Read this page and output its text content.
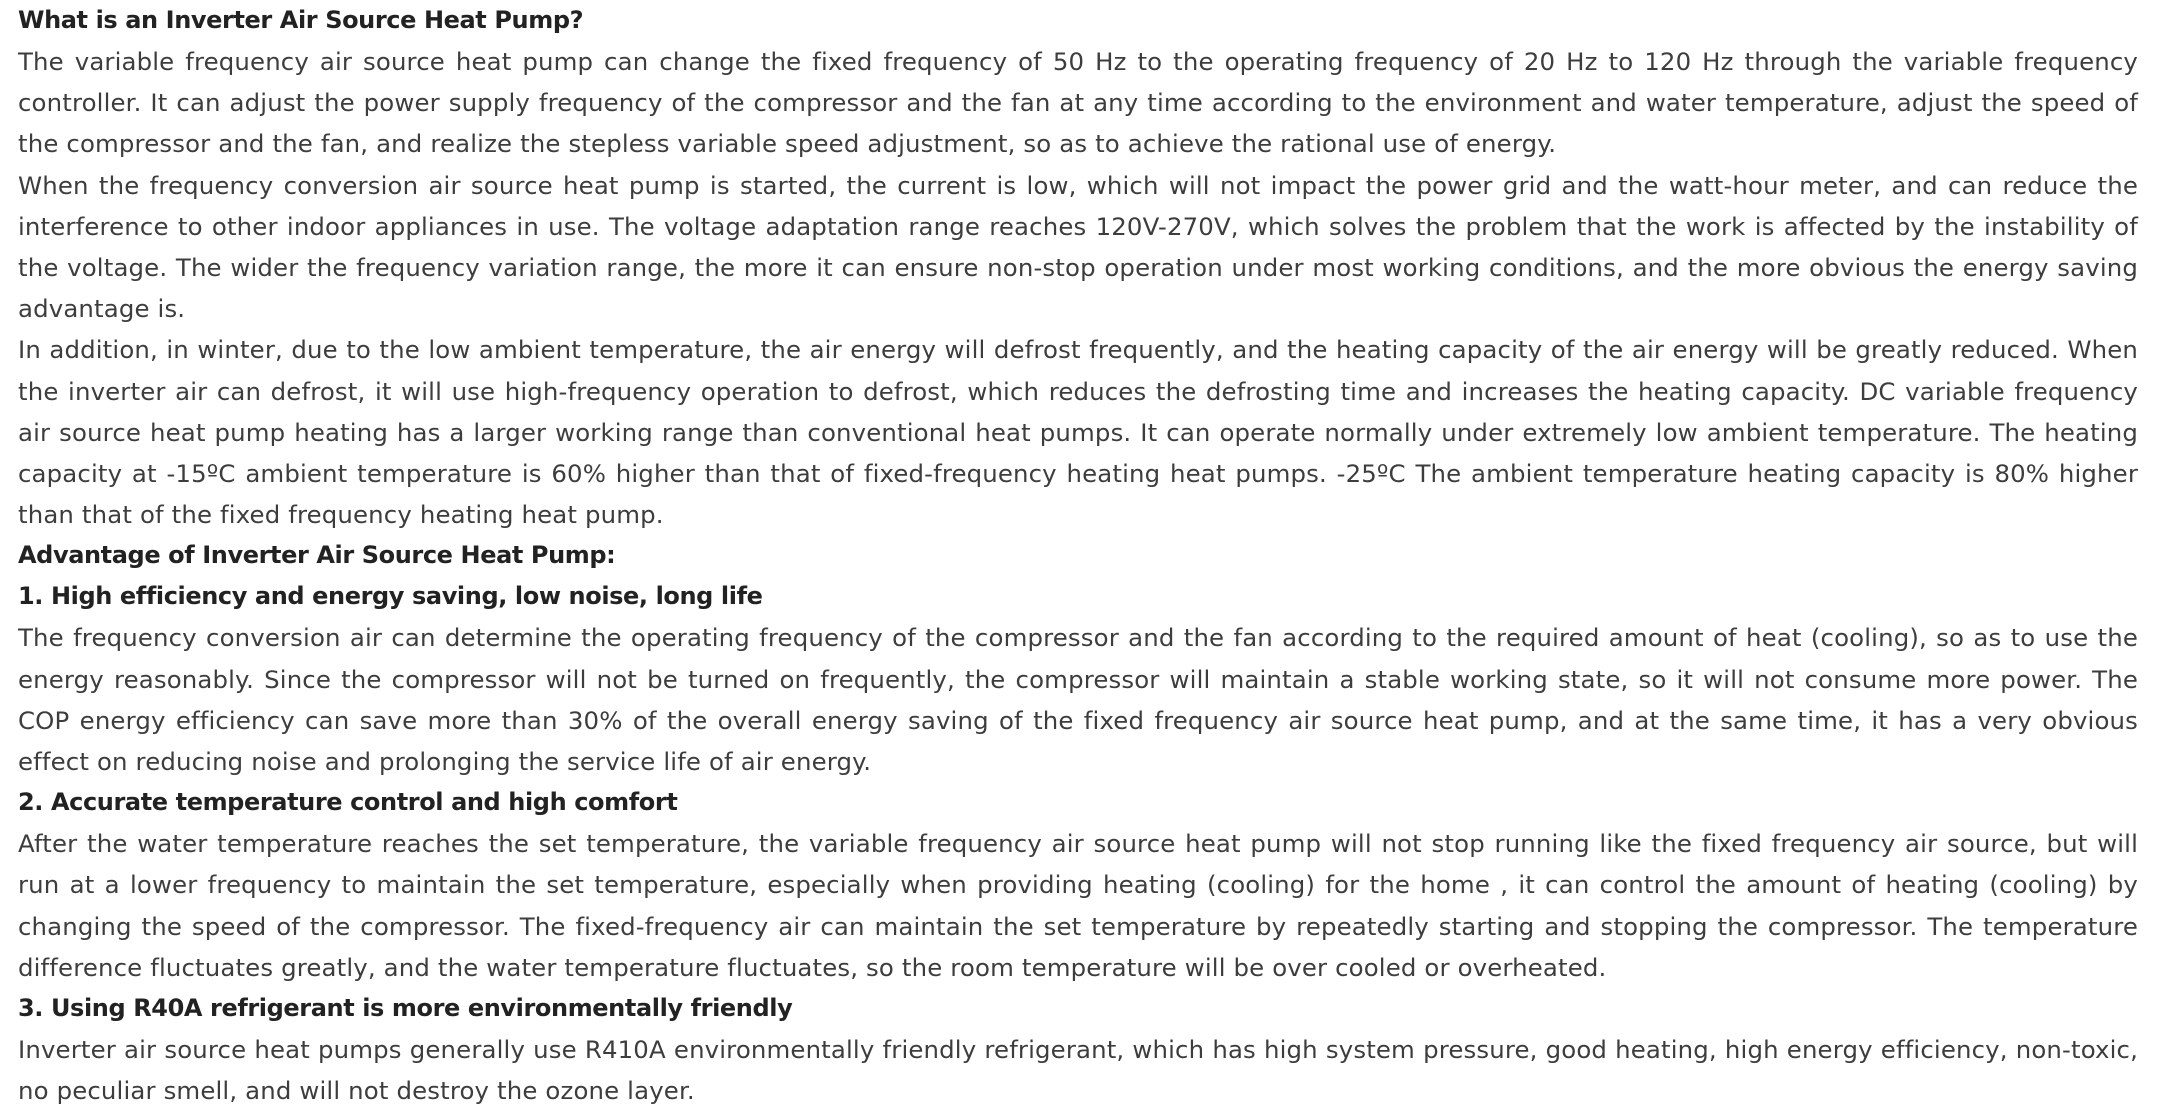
What is an Inverter Air Source Heat Pump?

The variable frequency air source heat pump can change the fixed frequency of 50 Hz to the operating frequency of 20 Hz to 120 Hz through the variable frequency controller. It can adjust the power supply frequency of the compressor and the fan at any time according to the environment and water temperature, adjust the speed of the compressor and the fan, and realize the stepless variable speed adjustment, so as to achieve the rational use of energy.

When the frequency conversion air source heat pump is started, the current is low, which will not impact the power grid and the watt-hour meter, and can reduce the interference to other indoor appliances in use. The voltage adaptation range reaches 120V-270V, which solves the problem that the work is affected by the instability of the voltage. The wider the frequency variation range, the more it can ensure non-stop operation under most working conditions, and the more obvious the energy saving advantage is.

In addition, in winter, due to the low ambient temperature, the air energy will defrost frequently, and the heating capacity of the air energy will be greatly reduced. When the inverter air can defrost, it will use high-frequency operation to defrost, which reduces the defrosting time and increases the heating capacity. DC variable frequency air source heat pump heating has a larger working range than conventional heat pumps. It can operate normally under extremely low ambient temperature. The heating capacity at -15ºC ambient temperature is 60% higher than that of fixed-frequency heating heat pumps. -25ºC The ambient temperature heating capacity is 80% higher than that of the fixed frequency heating heat pump.

Advantage of Inverter Air Source Heat Pump:
1. High efficiency and energy saving, low noise, long life

The frequency conversion air can determine the operating frequency of the compressor and the fan according to the required amount of heat (cooling), so as to use the energy reasonably. Since the compressor will not be turned on frequently, the compressor will maintain a stable working state, so it will not consume more power. The COP energy efficiency can save more than 30% of the overall energy saving of the fixed frequency air source heat pump, and at the same time, it has a very obvious effect on reducing noise and prolonging the service life of air energy.

2. Accurate temperature control and high comfort

After the water temperature reaches the set temperature, the variable frequency air source heat pump will not stop running like the fixed frequency air source, but will run at a lower frequency to maintain the set temperature, especially when providing heating (cooling) for the home , it can control the amount of heating (cooling) by changing the speed of the compressor. The fixed-frequency air can maintain the set temperature by repeatedly starting and stopping the compressor. The temperature difference fluctuates greatly, and the water temperature fluctuates, so the room temperature will be over cooled or overheated.

3. Using R40A refrigerant is more environmentally friendly

Inverter air source heat pumps generally use R410A environmentally friendly refrigerant, which has high system pressure, good heating, high energy efficiency, non-toxic, no peculiar smell, and will not destroy the ozone layer.
